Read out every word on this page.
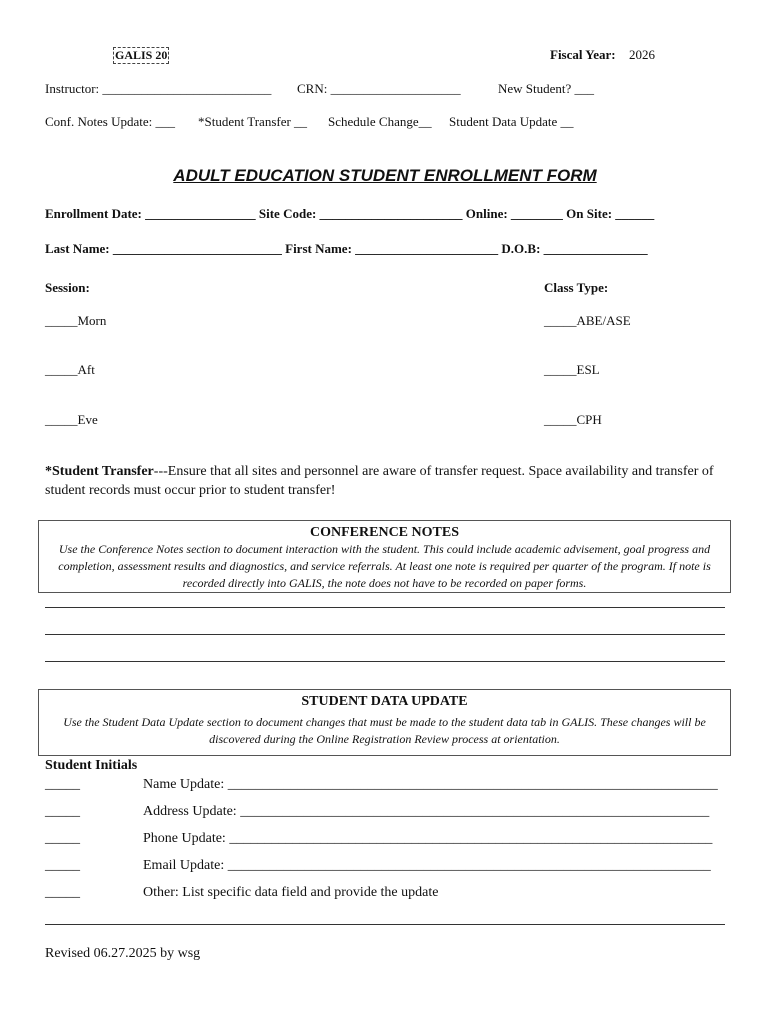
GALIS 20	Fiscal Year: 2026
Instructor: __________________________ CRN: ____________________	New Student? ___
Conf. Notes Update: ___ *Student Transfer __ Schedule Change__ Student Data Update __
ADULT EDUCATION STUDENT ENROLLMENT FORM
Enrollment Date: _________________ Site Code: ______________________ Online: ________ On Site: ______
Last Name: __________________________ First Name: ______________________ D.O.B: ________________
Session:	Class Type:
_____Morn
_____Aft
_____Eve
_____ABE/ASE
_____ESL
_____CPH
*Student Transfer---Ensure that all sites and personnel are aware of transfer request. Space availability and transfer of student records must occur prior to student transfer!
CONFERENCE NOTES
Use the Conference Notes section to document interaction with the student. This could include academic advisement, goal progress and completion, assessment results and diagnostics, and service referrals. At least one note is required per quarter of the program. If note is recorded directly into GALIS, the note does not have to be recorded on paper forms.
STUDENT DATA UPDATE
Use the Student Data Update section to document changes that must be made to the student data tab in GALIS. These changes will be discovered during the Online Registration Review process at orientation.
Student Initials
_____	Name Update: ______________________________________________________________________
_____	Address Update: ___________________________________________________________________
_____	Phone Update: _____________________________________________________________________
_____	Email Update: _____________________________________________________________________
_____	Other: List specific data field and provide the update
Revised 06.27.2025 by wsg
